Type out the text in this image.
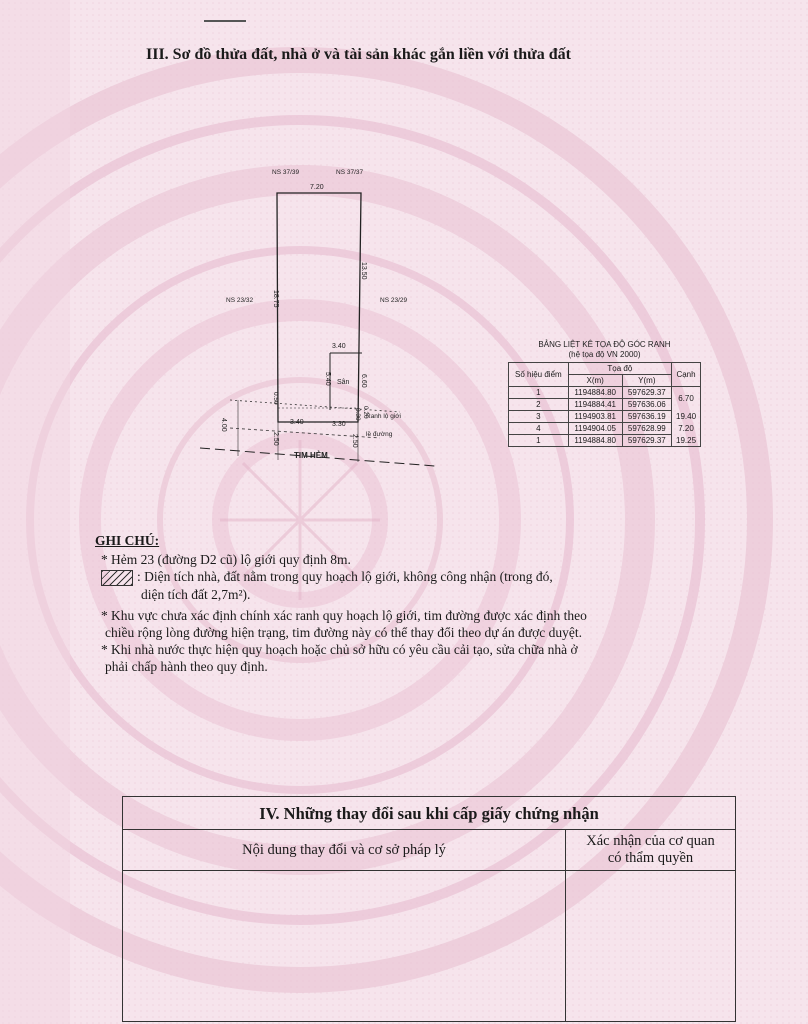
III. Sơ đồ thửa đất, nhà ở và tài sản khác gắn liền với thửa đất
NS 37/39	NS 37/37
7.20
NS 23/32	NS 23/29
18.75
13.50
3.40
5.40 Sân 6.60
0.50
0.20
0.30 Ranh lộ giới
3.40	3.30
lề đường
4.00
2.50	2.50
TIM HẺM
BẢNG LIỆT KÊ TỌA ĐỘ GÓC RANH
(hệ tọa độ VN 2000)
Số hiệu điểm	Tọa độ		Cạnh
	X(m)	Y(m)	
1	1194884.80	597629.37	6.70
2	1194884.41	597636.06	
3	1194903.81	597636.19	19.40
4	1194904.05	597628.99	7.20
1	1194884.80	597629.37	19.25
GHI CHÚ:
* Hẻm 23 (đường D2 cũ) lộ giới quy định 8m.
: Diện tích nhà, đất nằm trong quy hoạch lộ giới, không công nhận (trong đó,
diện tích đất 2,7m²).
* Khu vực chưa xác định chính xác ranh quy hoạch lộ giới, tim đường được xác định theo
chiều rộng lòng đường hiện trạng, tim đường này có thể thay đổi theo dự án được duyệt.
* Khi nhà nước thực hiện quy hoạch hoặc chủ sở hữu có yêu cầu cải tạo, sửa chữa nhà ở
phải chấp hành theo quy định.
IV. Những thay đổi sau khi cấp giấy chứng nhận
Nội dung thay đổi và cơ sở pháp lý
Xác nhận của cơ quan
có thẩm quyền
